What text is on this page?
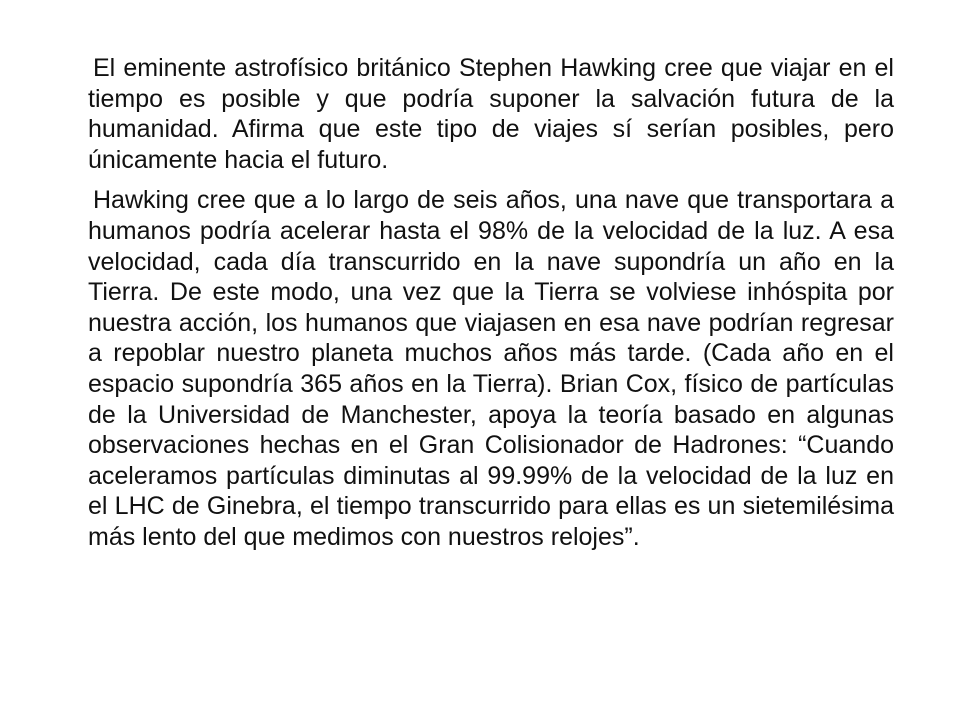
El eminente astrofísico británico Stephen Hawking cree que viajar en el tiempo es posible y que podría suponer la salvación futura de la humanidad. Afirma que este tipo de viajes sí serían posibles, pero únicamente hacia el futuro.

Hawking cree que a lo largo de seis años, una nave que transportara a humanos podría acelerar hasta el 98% de la velocidad de la luz. A esa velocidad, cada día transcurrido en la nave supondría un año en la Tierra. De este modo, una vez que la Tierra se volviese inhóspita por nuestra acción, los humanos que viajasen en esa nave podrían regresar a repoblar nuestro planeta muchos años más tarde. (Cada año en el espacio supondría 365 años en la Tierra). Brian Cox, físico de partículas de la Universidad de Manchester, apoya la teoría basado en algunas observaciones hechas en el Gran Colisionador de Hadrones: “Cuando aceleramos partículas diminutas al 99.99% de la velocidad de la luz en el LHC de Ginebra, el tiempo transcurrido para ellas es un sietemilésima más lento del que medimos con nuestros relojes”.
